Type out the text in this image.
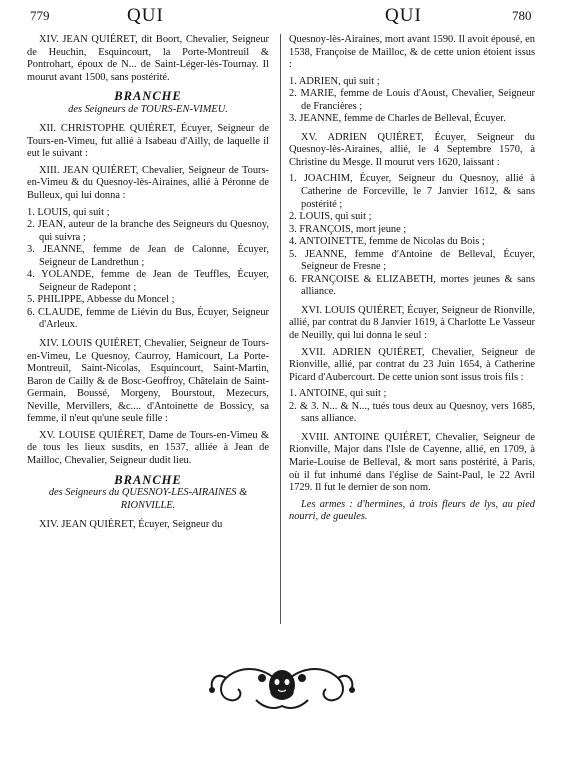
779	QUI	QUI	780

XIV. JEAN QUIÉRET, dit Boort, Chevalier, Seigneur de Heuchin, Esquincourt, la Porte-Montreuil & Pontrohart, époux de N... de Saint-Léger-lès-Tournay. Il mourut avant 1500, sans postérité.

BRANCHE
des Seigneurs de TOURS-EN-VIMEU.

XII. CHRISTOPHE QUIÉRET, Écuyer, Seigneur de Tours-en-Vimeu, fut allié à Isabeau d'Ailly, de laquelle il eut le suivant :

XIII. JEAN QUIÉRET, Chevalier, Seigneur de Tours-en-Vimeu & du Quesnoy-lès-Airaines, allié à Péronne de Bulleux, qui lui donna :

1. LOUIS, qui suit ;
2. JEAN, auteur de la branche des Seigneurs du Quesnoy, qui suivra ;
3. JEANNE, femme de Jean de Calonne, Écuyer, Seigneur de Landrethun ;
4. YOLANDE, femme de Jean de Teuffles, Écuyer, Seigneur de Radepont ;
5. PHILIPPE, Abbesse du Moncel ;
6. CLAUDE, femme de Liévin du Bus, Écuyer, Seigneur d'Arleux.

XIV. LOUIS QUIÉRET, Chevalier, Seigneur de Tours-en-Vimeu, Le Quesnoy, Caurroy, Hamicourt, La Porte-Montreuil, Saint-Nicolas, Esquincourt, Saint-Martin, Baron de Cailly & de Bosc-Geoffroy, Châtelain de Saint-Germain, Boussé, Morgeny, Bourstout, Mezecurs, Neville, Mervillers, &c.... d'Antoinette de Bossicy, sa femme, il n'eut qu'une seule fille :

XV. LOUISE QUIÉRET, Dame de Tours-en-Vimeu & de tous les lieux susdits, en 1537, alliée à Jean de Mailloc, Chevalier, Seigneur dudit lieu.

BRANCHE
des Seigneurs du QUESNOY-LES-AIRAINES & RIONVILLE.

XIV. JEAN QUIÉRET, Écuyer, Seigneur du

Quesnoy-lès-Airaines, mort avant 1590. Il avoit épousé, en 1538, Françoise de Mailloc, & de cette union étoient issus :

1. ADRIEN, qui suit ;
2. MARIE, femme de Louis d'Aoust, Chevalier, Seigneur de Francières ;
3. JEANNE, femme de Charles de Belleval, Écuyer.

XV. ADRIEN QUIÉRET, Écuyer, Seigneur du Quesnoy-lès-Airaines, allié, le 4 Septembre 1570, à Christine du Mesge. Il mourut vers 1620, laissant :

1. JOACHIM, Écuyer, Seigneur du Quesnoy, allié à Catherine de Forceville, le 7 Janvier 1612, & sans postérité ;
2. LOUIS, qui suit ;
3. FRANÇOIS, mort jeune ;
4. ANTOINETTE, femme de Nicolas du Bois ;
5. JEANNE, femme d'Antoine de Belleval, Écuyer, Seigneur de Fresne ;
6. FRANÇOISE & ELIZABETH, mortes jeunes & sans alliance.

XVI. LOUIS QUIÉRET, Écuyer, Seigneur de Rionville, allié, par contrat du 8 Janvier 1619, à Charlotte Le Vasseur de Neuilly, qui lui donna le seul :

XVII. ADRIEN QUIÉRET, Chevalier, Seigneur de Rionville, allié, par contrat du 23 Juin 1654, à Catherine Picard d'Aubercourt. De cette union sont issus trois fils :

1. ANTOINE, qui suit ;
2. & 3. N... & N..., tués tous deux au Quesnoy, vers 1685, sans alliance.

XVIII. ANTOINE QUIÉRET, Chevalier, Seigneur de Rionville, Major dans l'Isle de Cayenne, allié, en 1709, à Marie-Louise de Belleval, & mort sans postérité, à Paris, où il fut inhumé dans l'église de Saint-Paul, le 22 Avril 1729. Il fut le dernier de son nom.

Les armes : d'hermines, à trois fleurs de lys, au pied nourri, de gueules.
